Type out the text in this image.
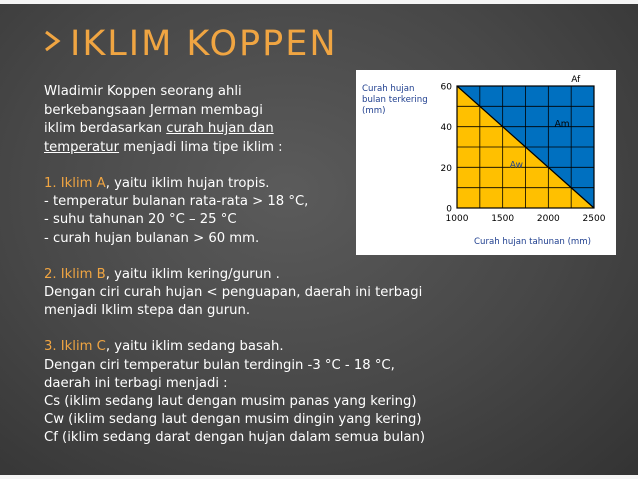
IKLIM KOPPEN
Wladimir Koppen seorang ahli
berkebangsaan Jerman membagi
iklim berdasarkan curah hujan dan
temperatur menjadi lima tipe iklim :
1. Iklim A, yaitu iklim hujan tropis.
- temperatur bulanan rata-rata > 18 °C,
- suhu tahunan 20 °C – 25 °C
- curah hujan bulanan > 60 mm.
2. Iklim B, yaitu iklim kering/gurun .
Dengan ciri curah hujan < penguapan, daerah ini terbagi
menjadi Iklim stepa dan gurun.
3. Iklim C, yaitu iklim sedang basah.
Dengan ciri temperatur bulan terdingin -3 °C - 18 °C,
daerah ini terbagi menjadi :
Cs (iklim sedang laut dengan musim panas yang kering)
Cw (iklim sedang laut dengan musim dingin yang kering)
Cf (iklim sedang darat dengan hujan dalam semua bulan)
0
20
40
60
1000	1500	2000	2500
Curah hujan
bulan terkering
(mm)
Curah hujan tahunan (mm)
Aw
Am
Af
